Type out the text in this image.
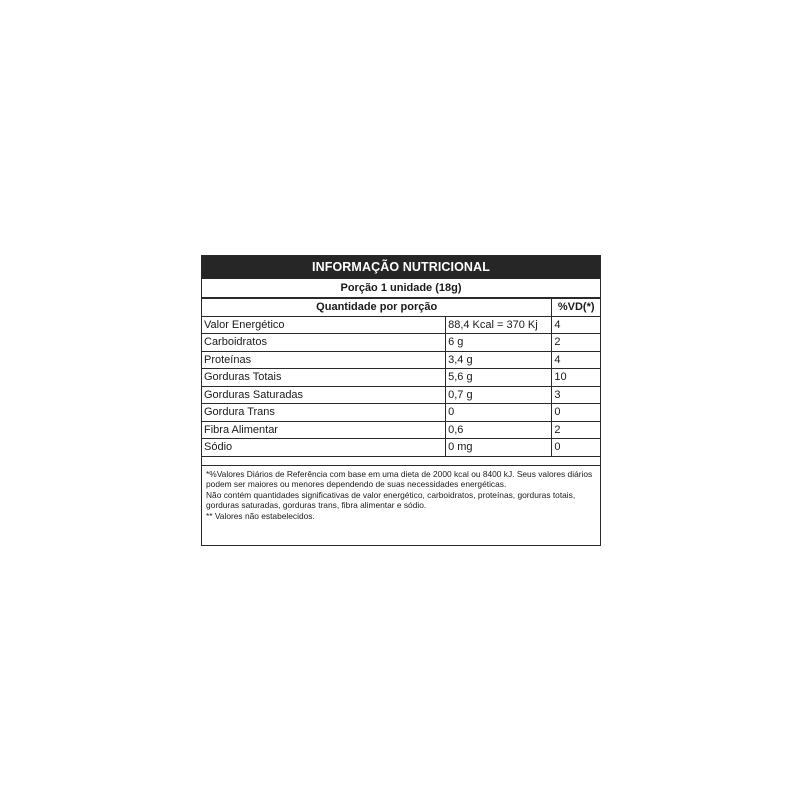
INFORMAÇÃO NUTRICIONAL
Porção 1 unidade (18g)
Quantidade por porção		%VD(*)
Valor Energético	88,4 Kcal = 370 Kj	4
Carboidratos	6 g	2
Proteínas	3,4 g	4
Gorduras Totais	5,6 g	10
Gorduras Saturadas	0,7 g	3
Gordura Trans	0	0
Fibra Alimentar	0,6	2
Sódio	0 mg	0
*%Valores Diários de Referência com base em uma dieta de 2000 kcal ou 8400 kJ. Seus valores diários podem ser maiores ou menores dependendo de suas necessidades energéticas.
Não contém quantidades significativas de valor energético, carboidratos, proteínas, gorduras totais, gorduras saturadas, gorduras trans, fibra alimentar e sódio.
** Valores não estabelecidos.
